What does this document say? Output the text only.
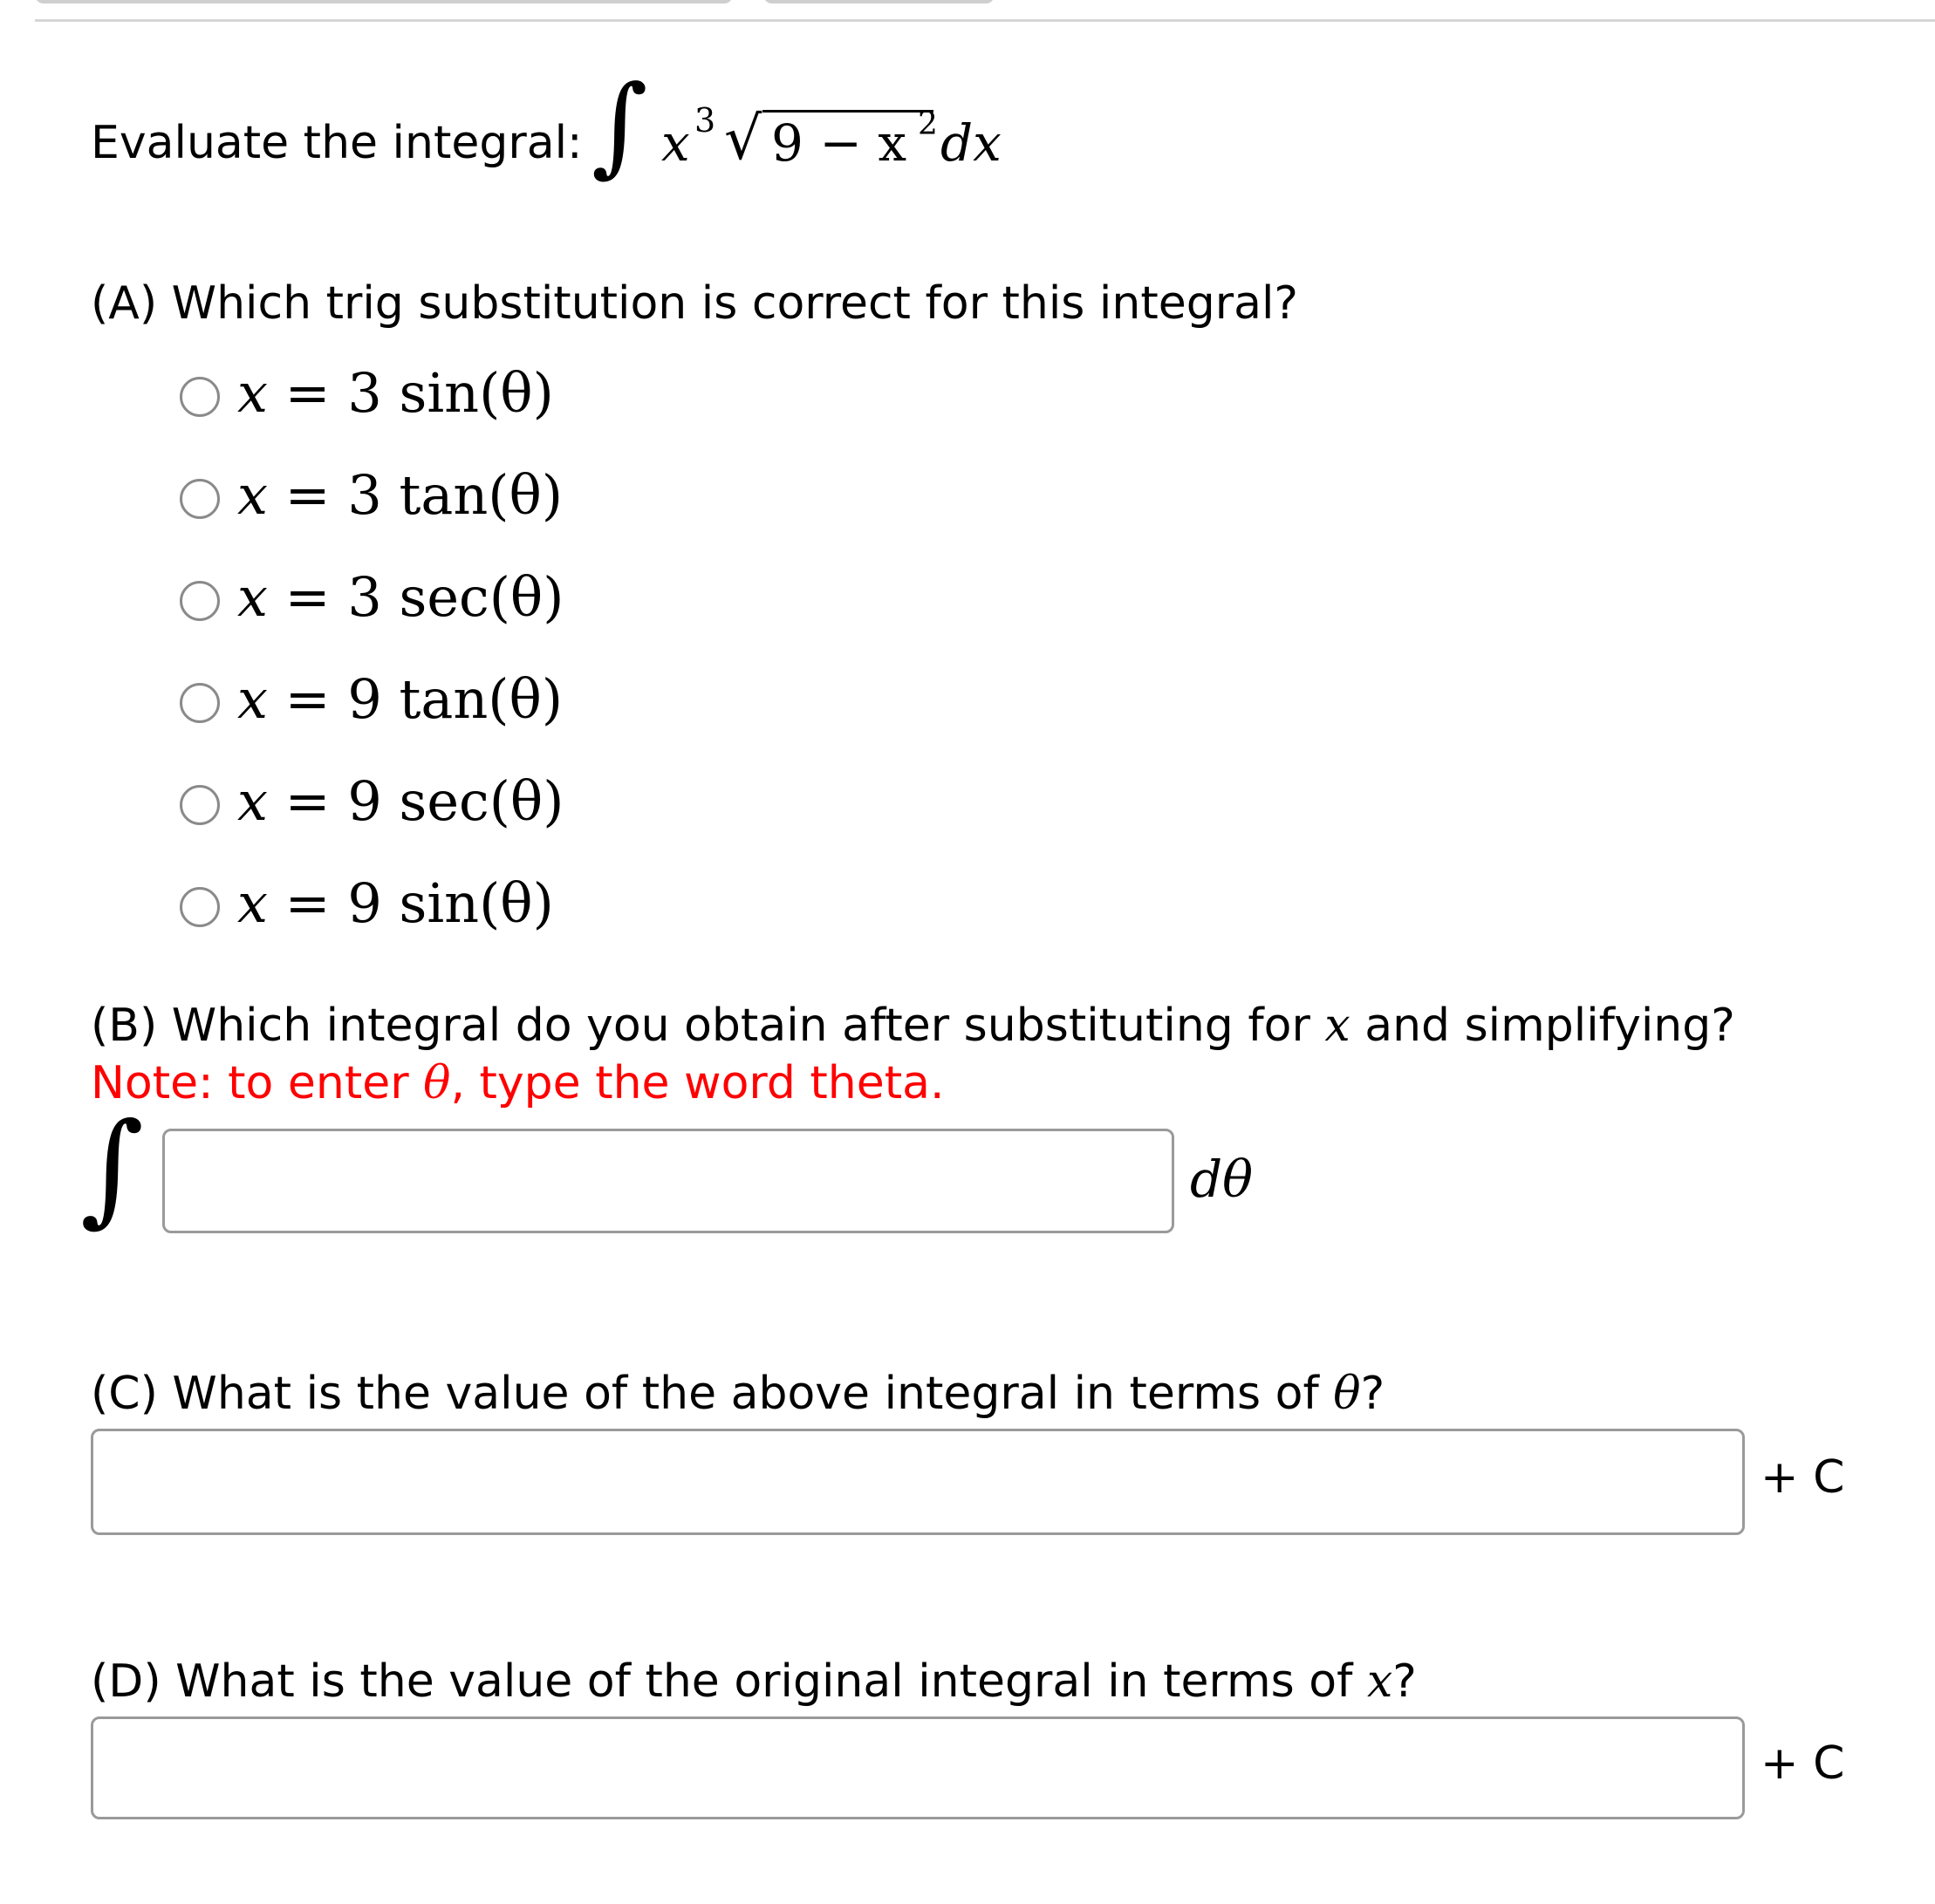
Evaluate the integral: ∫ x 3 √ 9 − x 2 dx
(A) Which trig substitution is correct for this integral?
x = 3 sin(θ)
x = 3 tan(θ)
x = 3 sec(θ)
x = 9 tan(θ)
x = 9 sec(θ)
x = 9 sin(θ)
(B) Which integral do you obtain after substituting for x and simplifying?
Note: to enter θ, type the word theta.
∫	dθ
(C) What is the value of the above integral in terms of θ?
+ C
(D) What is the value of the original integral in terms of x?
+ C
